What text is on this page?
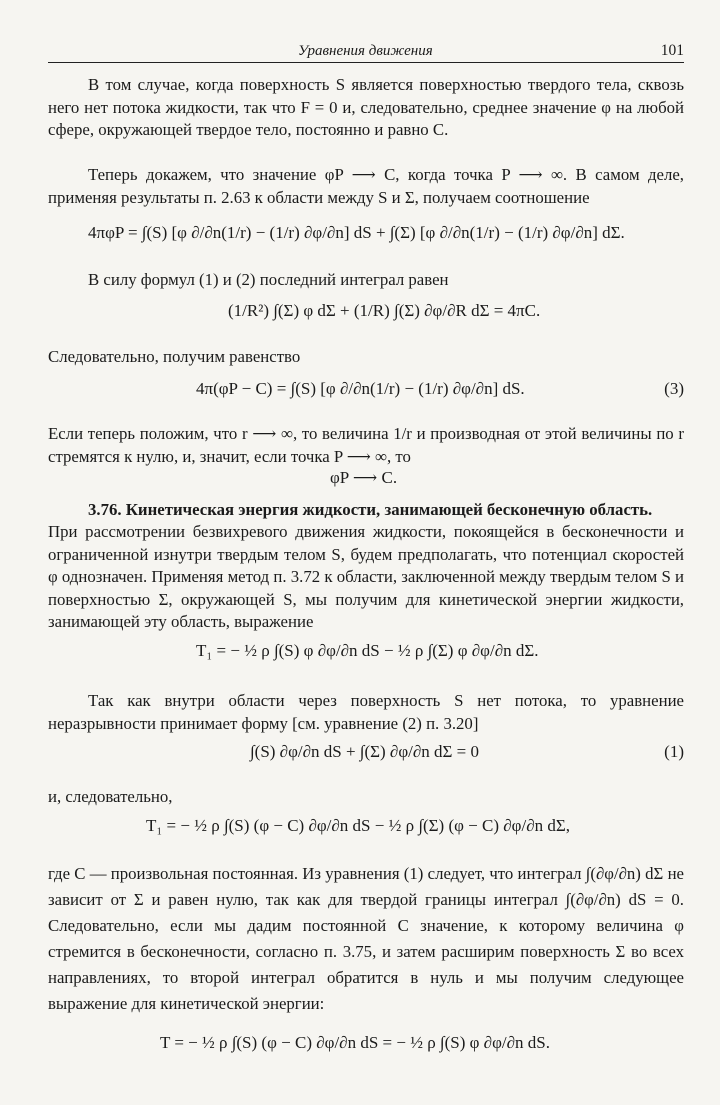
Уравнения движения	101

В том случае, когда поверхность S является поверхностью твердого тела, сквозь него нет потока жидкости, так что F = 0 и, следовательно, среднее значение φ на любой сфере, окружающей твердое тело, постоянно и равно C.

Теперь докажем, что значение φP ⟶ C, когда точка P ⟶ ∞. В самом деле, применяя результаты п. 2.63 к области между S и Σ, получаем соотношение

4πφP = ∫(S) [φ ∂/∂n(1/r) − (1/r) ∂φ/∂n] dS + ∫(Σ) [φ ∂/∂n(1/r) − (1/r) ∂φ/∂n] dΣ.

В силу формул (1) и (2) последний интеграл равен

(1/R²) ∫(Σ) φ dΣ + (1/R) ∫(Σ) ∂φ/∂R dΣ = 4πC.

Следовательно, получим равенство

4π(φP − C) = ∫(S) [φ ∂/∂n(1/r) − (1/r) ∂φ/∂n] dS.	(3)

Если теперь положим, что r ⟶ ∞, то величина 1/r и производная от этой величины по r стремятся к нулю, и, значит, если точка P ⟶ ∞, то

φP ⟶ C.

3.76. Кинетическая энергия жидкости, занимающей бесконечную область.

При рассмотрении безвихревого движения жидкости, покоящейся в бесконечности и ограниченной изнутри твердым телом S, будем предполагать, что потенциал скоростей φ однозначен. Применяя метод п. 3.72 к области, заключенной между твердым телом S и поверхностью Σ, окружающей S, мы получим для кинетической энергии жидкости, занимающей эту область, выражение

T₁ = − ½ ρ ∫(S) φ ∂φ/∂n dS − ½ ρ ∫(Σ) φ ∂φ/∂n dΣ.

Так как внутри области через поверхность S нет потока, то уравнение неразрывности принимает форму [см. уравнение (2) п. 3.20]

∫(S) ∂φ/∂n dS + ∫(Σ) ∂φ/∂n dΣ = 0	(1)

и, следовательно,

T₁ = − ½ ρ ∫(S) (φ − C) ∂φ/∂n dS − ½ ρ ∫(Σ) (φ − C) ∂φ/∂n dΣ,

где C — произвольная постоянная. Из уравнения (1) следует, что интеграл ∫(∂φ/∂n) dΣ не зависит от Σ и равен нулю, так как для твердой границы интеграл ∫(∂φ/∂n) dS = 0. Следовательно, если мы дадим постоянной C значение, к которому величина φ стремится в бесконечности, согласно п. 3.75, и затем расширим поверхность Σ во всех направлениях, то второй интеграл обратится в нуль и мы получим следующее выражение для кинетической энергии:

T = − ½ ρ ∫(S) (φ − C) ∂φ/∂n dS = − ½ ρ ∫(S) φ ∂φ/∂n dS.
